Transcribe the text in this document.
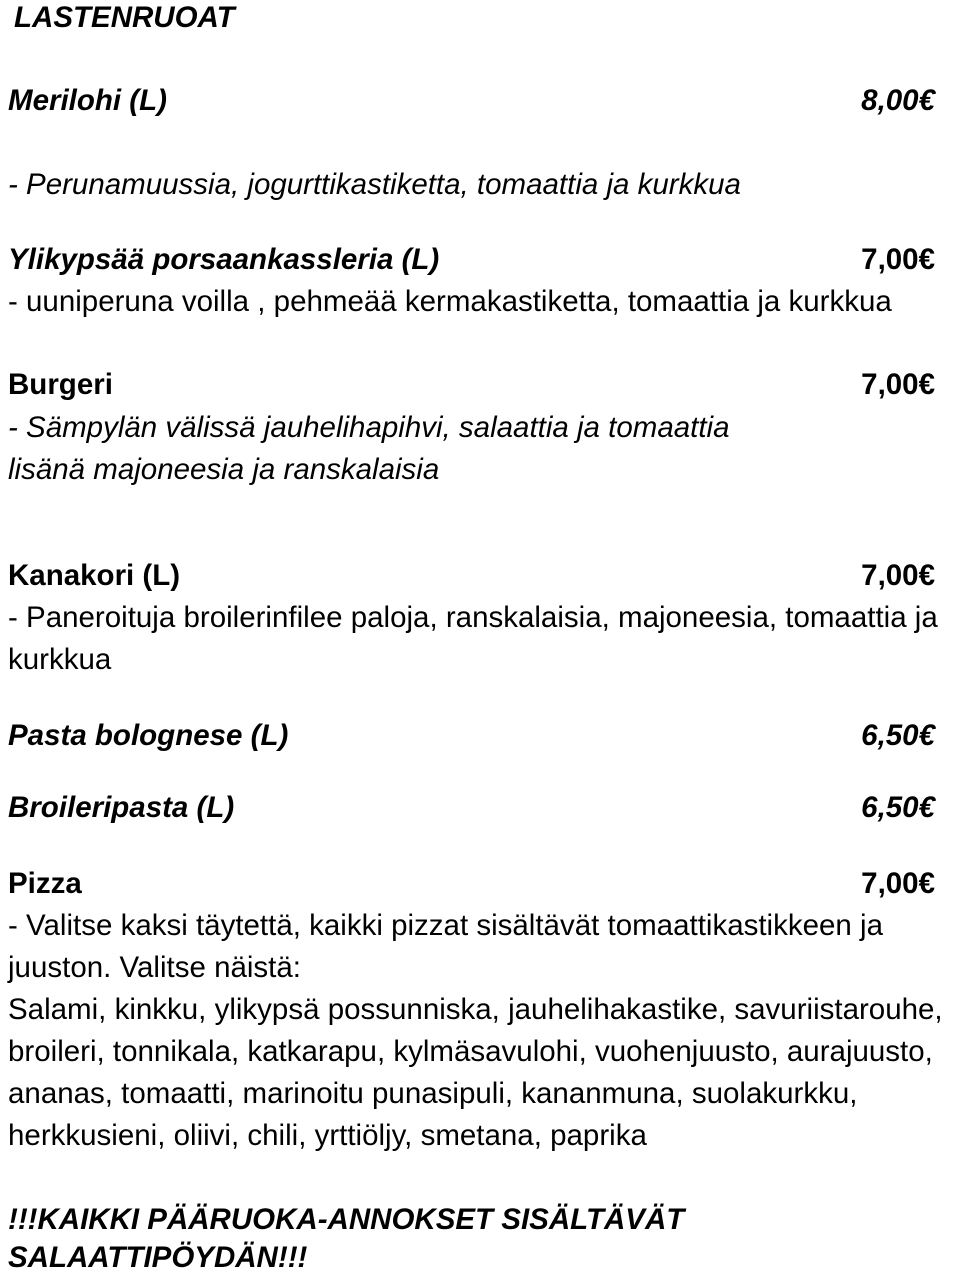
LASTENRUOAT
Merilohi (L)	8,00€
- Perunamuussia, jogurttikastiketta, tomaattia ja kurkkua
Ylikypsää porsaankassleria (L)	7,00€
- uuniperuna voilla , pehmeää kermakastiketta, tomaattia ja kurkkua
Burgeri	7,00€
- Sämpylän välissä jauhelihapihvi, salaattia ja tomaattia
lisänä majoneesia ja ranskalaisia
Kanakori (L)	7,00€
- Paneroituja broilerinfilee paloja, ranskalaisia, majoneesia, tomaattia ja
kurkkua
Pasta bolognese (L)	6,50€
Broileripasta (L)	6,50€
Pizza	7,00€
- Valitse kaksi täytettä, kaikki pizzat sisältävät tomaattikastikkeen ja
juuston. Valitse näistä:
Salami, kinkku, ylikypsä possunniska, jauhelihakastike, savuriistarouhe,
broileri, tonnikala, katkarapu, kylmäsavulohi, vuohenjuusto, aurajuusto,
ananas, tomaatti, marinoitu punasipuli, kananmuna, suolakurkku,
herkkusieni, oliivi, chili, yrttiöljy, smetana, paprika
!!!KAIKKI PÄÄRUOKA-ANNOKSET SISÄLTÄVÄT
SALAATTIPÖYDÄN!!!
